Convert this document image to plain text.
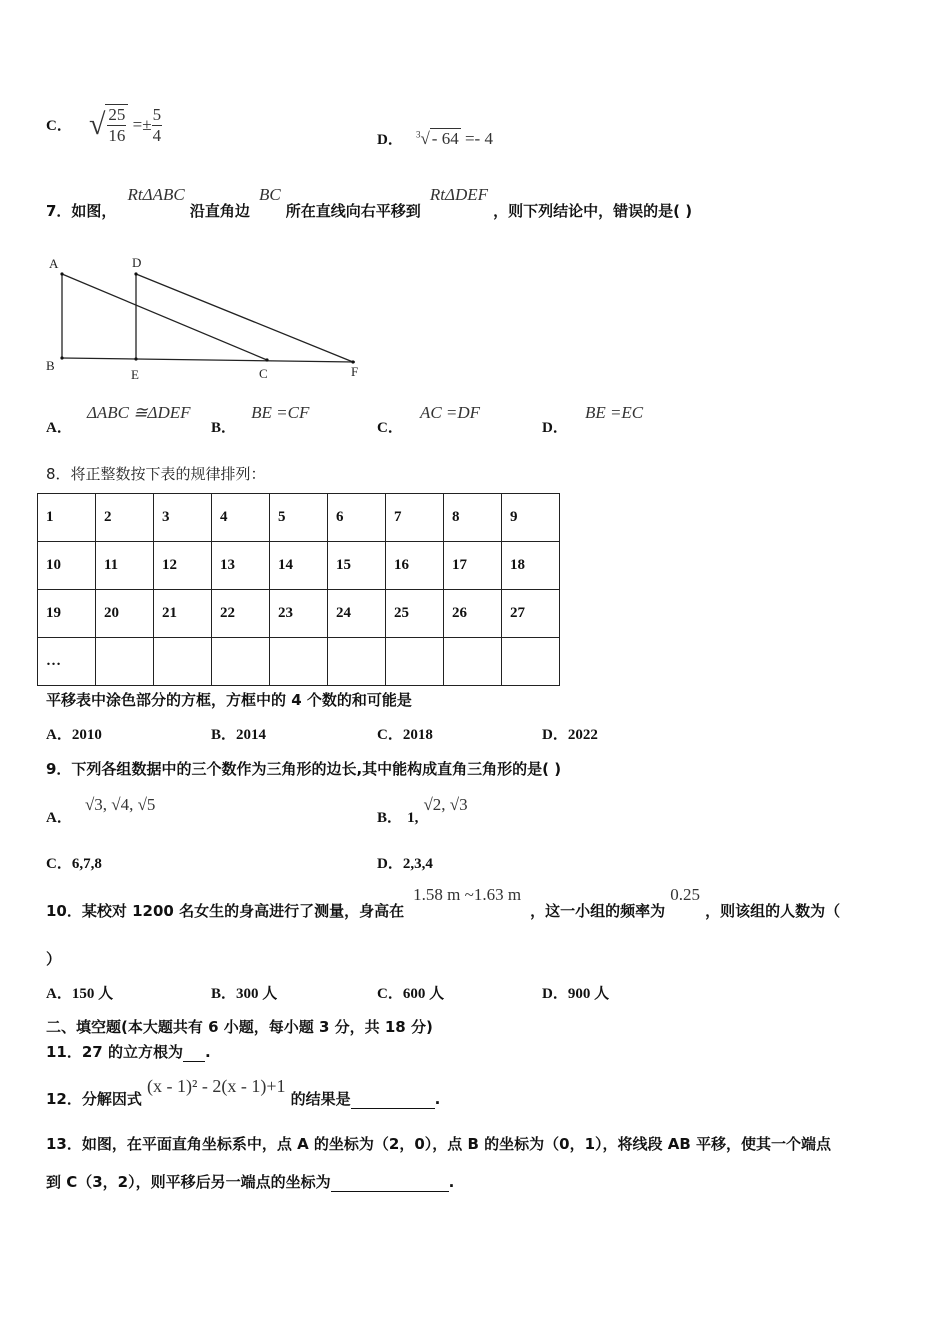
C． √ $\frac{25}{16} =\pm \frac{5}{4}$	D． $^3$√ - 64 =- 4
7．如图， RtΔABC 沿直角边 BC 所在直线向右平移到 RtΔDEF ，则下列结论中，错误的是( )
A	D
B
E	C	F
A． ΔABC ≅ΔDEF
B． BE =CF
C． AC =DF
D． BE =EC
8．将正整数按下表的规律排列：
1	2	3	4	5	6	7	8	9
10	11	12	13	14	15	16	17	18
19	20	21	22	23	24	25	26	27
…								
平移表中涂色部分的方框，方框中的 4 个数的和可能是
A．2010	B．2014	C．2018	D．2022
9．下列各组数据中的三个数作为三角形的边长,其中能构成直角三角形的是( )
A． √3, √4, √5
B． 1, √2, √3
C．6,7,8	D．2,3,4
10．某校对 1200 名女生的身高进行了测量，身高在 1.58 m ~1.63 m ，这一小组的频率为 0.25 ，则该组的人数为（
）
A．150 人	B．300 人	C．600 人	D．900 人
二、填空题(本大题共有 6 小题，每小题 3 分，共 18 分)
11．27 的立方根为 .
12．分解因式 (x - 1)² - 2(x - 1)+1 的结果是	.
13．如图，在平面直角坐标系中，点 A 的坐标为（2，0），点 B 的坐标为（0，1），将线段 AB 平移，使其一个端点
到 C（3，2），则平移后另一端点的坐标为	.
